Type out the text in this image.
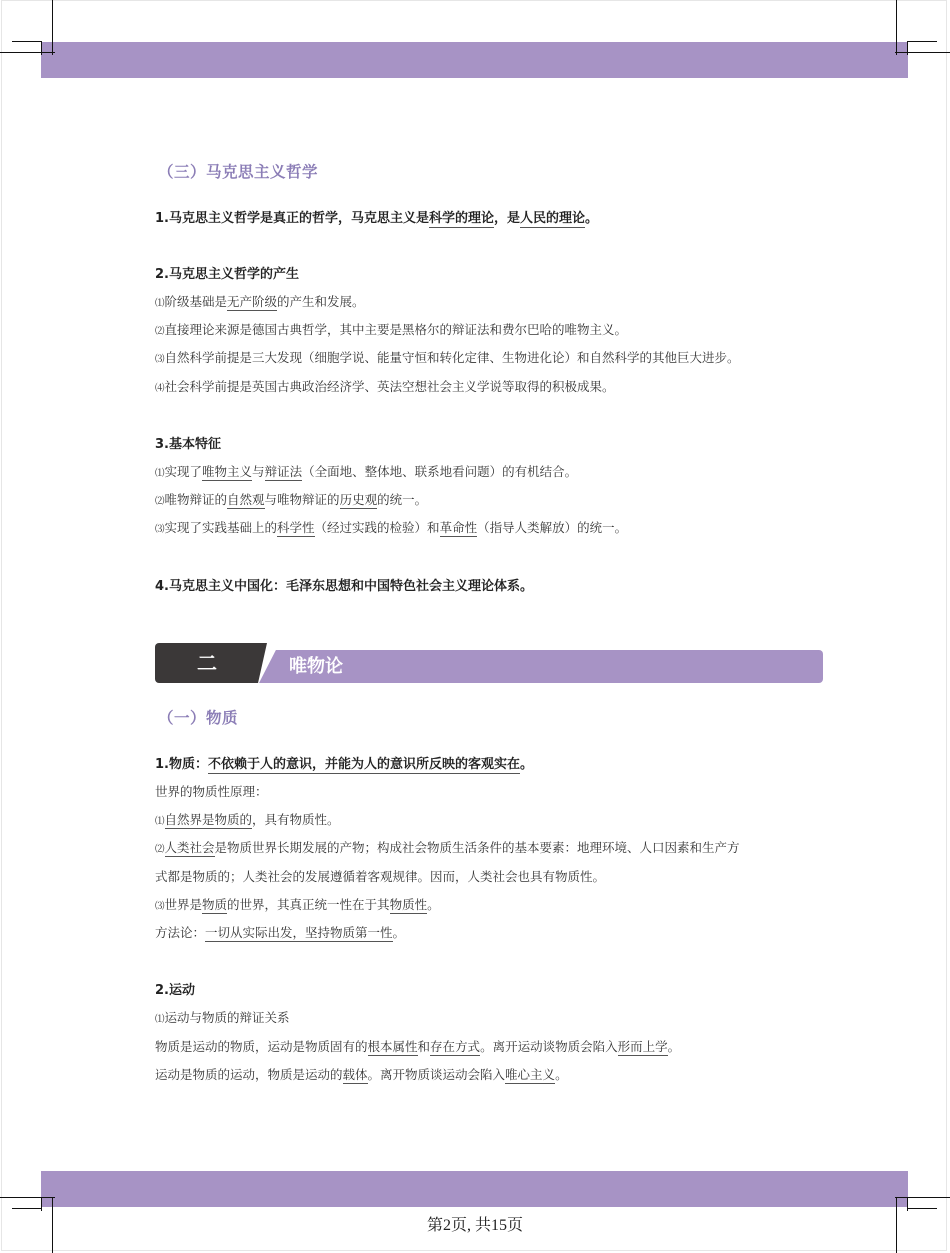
（三）马克思主义哲学
1.马克思主义哲学是真正的哲学，马克思主义是科学的理论，是人民的理论。
2.马克思主义哲学的产生
⑴阶级基础是无产阶级的产生和发展。
⑵直接理论来源是德国古典哲学，其中主要是黑格尔的辩证法和费尔巴哈的唯物主义。
⑶自然科学前提是三大发现（细胞学说、能量守恒和转化定律、生物进化论）和自然科学的其他巨大进步。
⑷社会科学前提是英国古典政治经济学、英法空想社会主义学说等取得的积极成果。
3.基本特征
⑴实现了唯物主义与辩证法（全面地、整体地、联系地看问题）的有机结合。
⑵唯物辩证的自然观与唯物辩证的历史观的统一。
⑶实现了实践基础上的科学性（经过实践的检验）和革命性（指导人类解放）的统一。
4.马克思主义中国化：毛泽东思想和中国特色社会主义理论体系。
二	唯物论
（一）物质
1.物质：不依赖于人的意识，并能为人的意识所反映的客观实在。
世界的物质性原理：
⑴自然界是物质的，具有物质性。
⑵人类社会是物质世界长期发展的产物；构成社会物质生活条件的基本要素：地理环境、人口因素和生产方
式都是物质的；人类社会的发展遵循着客观规律。因而，人类社会也具有物质性。
⑶世界是物质的世界，其真正统一性在于其物质性。
方法论：一切从实际出发，坚持物质第一性。
2.运动
⑴运动与物质的辩证关系
物质是运动的物质，运动是物质固有的根本属性和存在方式。离开运动谈物质会陷入形而上学。
运动是物质的运动，物质是运动的载体。离开物质谈运动会陷入唯心主义。
第2页, 共15页
